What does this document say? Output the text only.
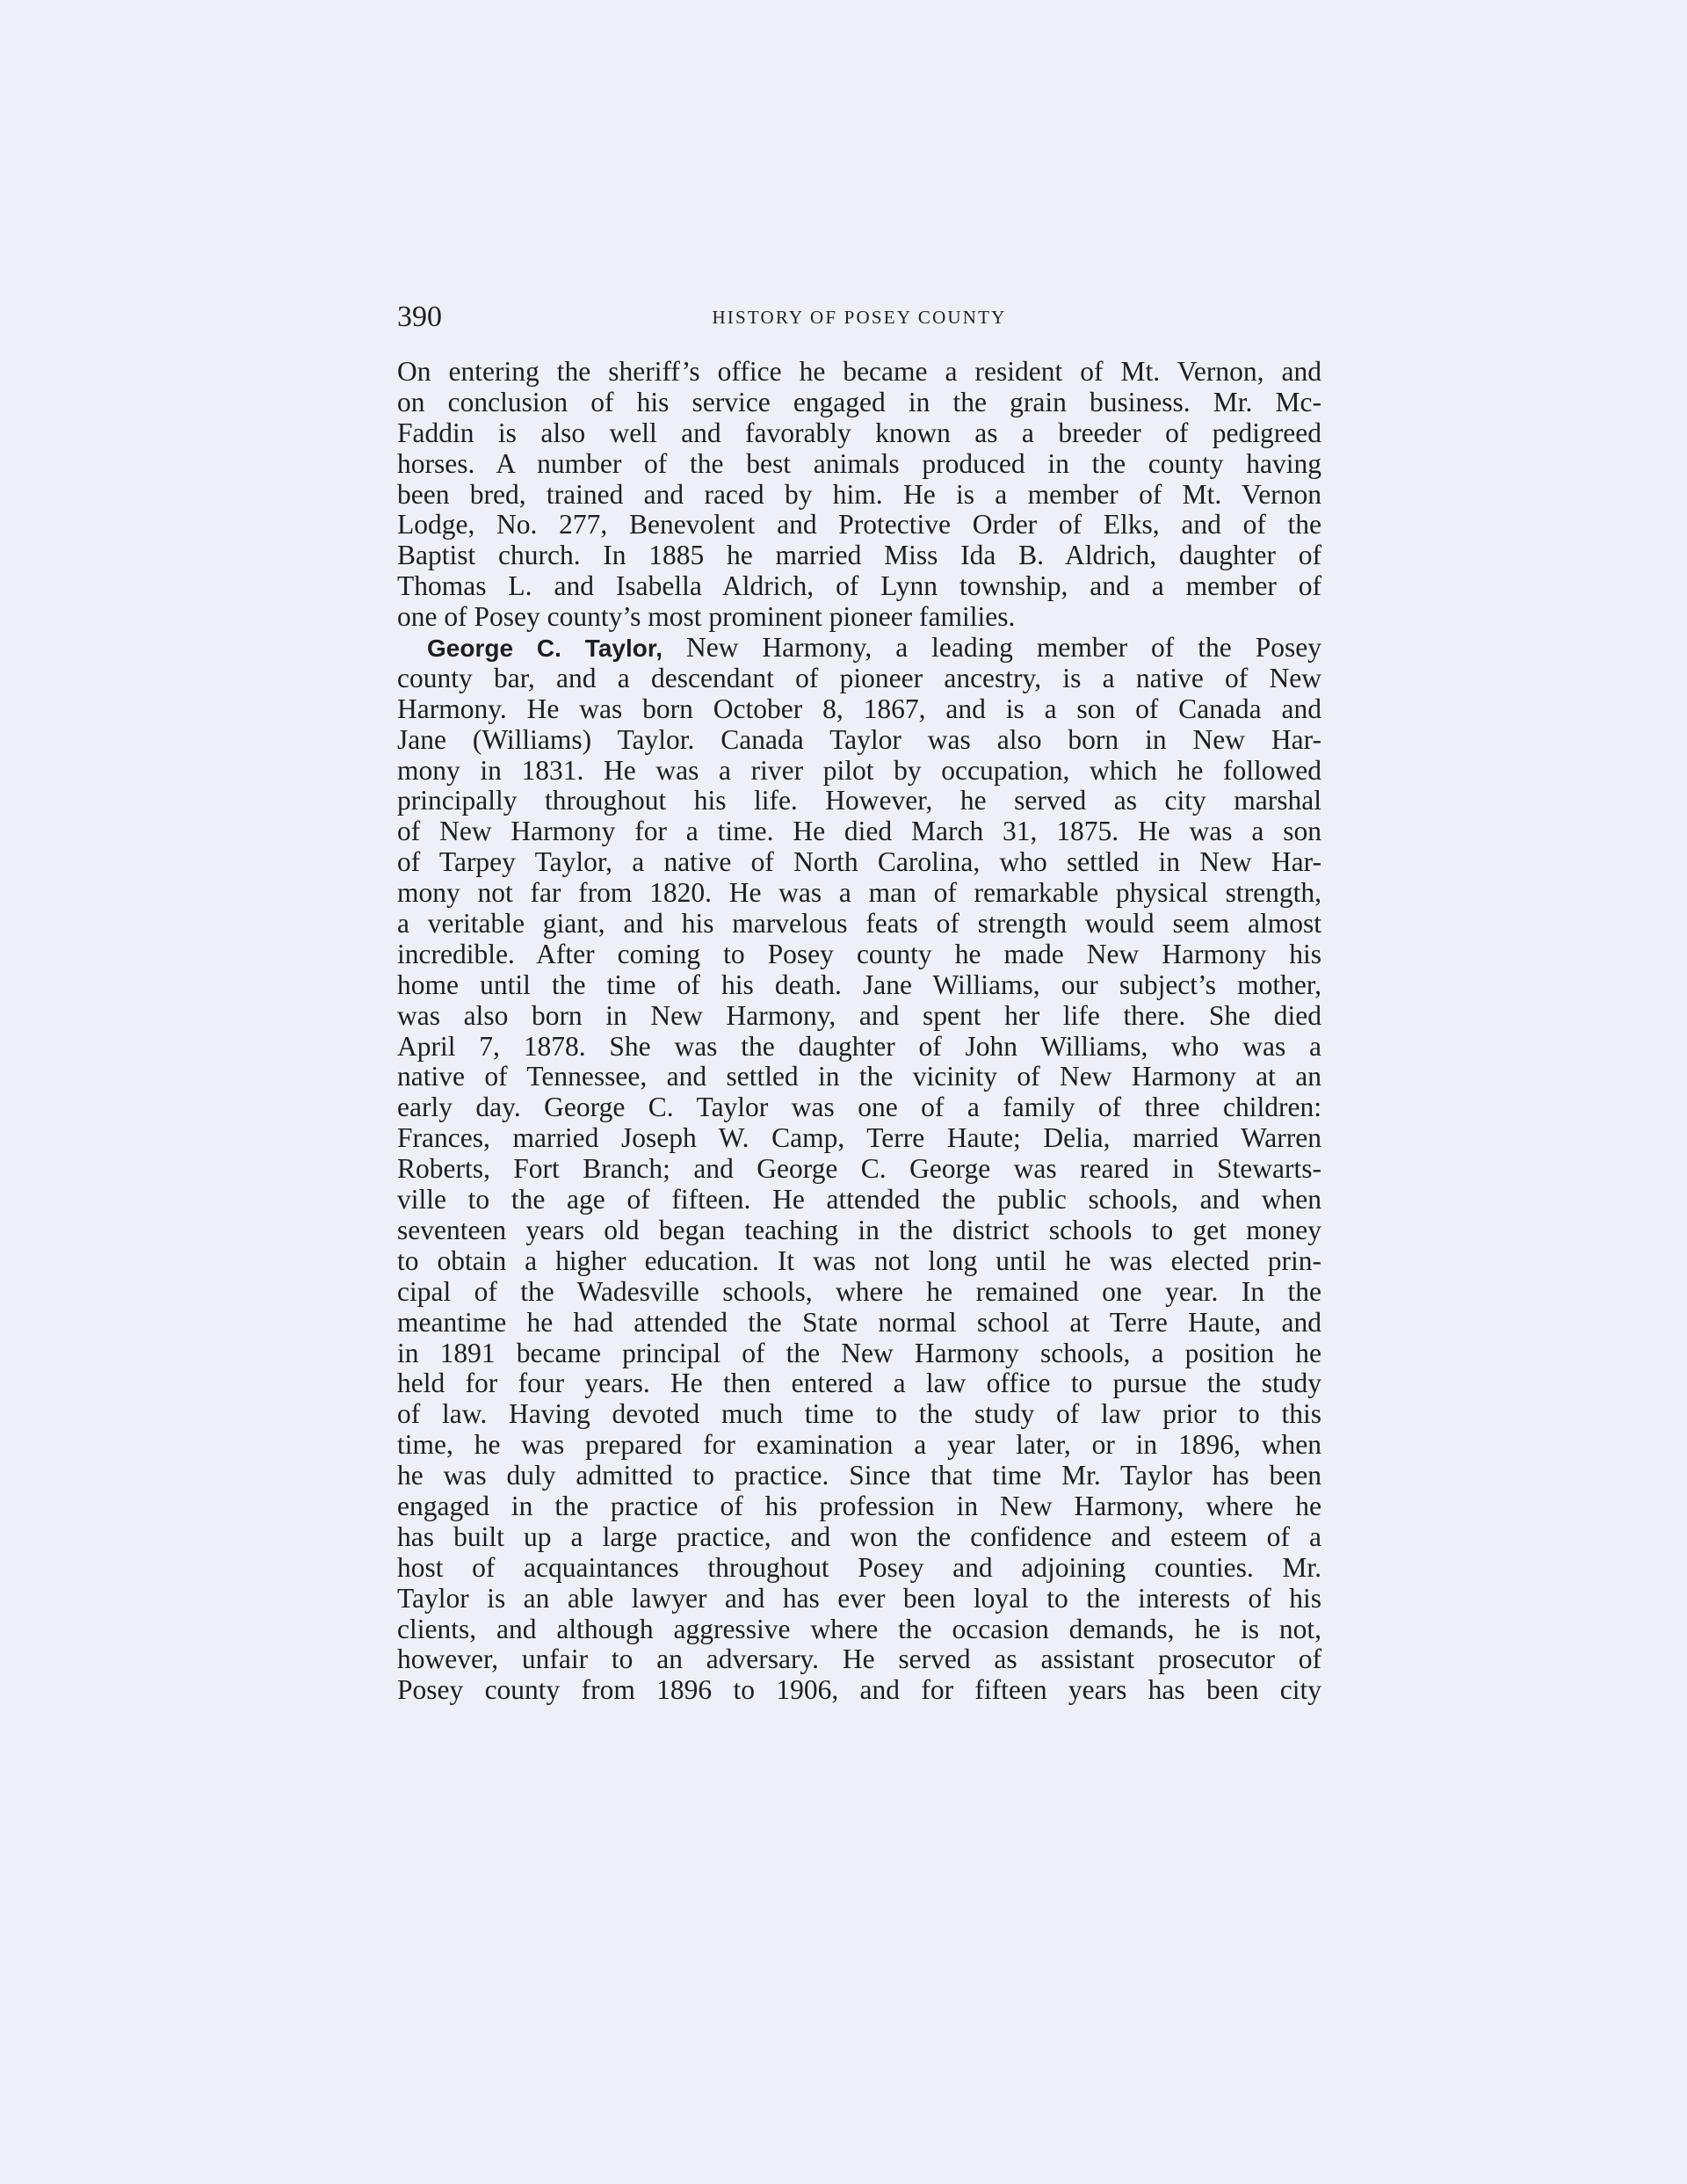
390	HISTORY OF POSEY COUNTY
On entering the sheriff’s office he became a resident of Mt. Vernon, and
on conclusion of his service engaged in the grain business. Mr. Mc-
Faddin is also well and favorably known as a breeder of pedigreed
horses. A number of the best animals produced in the county having
been bred, trained and raced by him. He is a member of Mt. Vernon
Lodge, No. 277, Benevolent and Protective Order of Elks, and of the
Baptist church. In 1885 he married Miss Ida B. Aldrich, daughter of
Thomas L. and Isabella Aldrich, of Lynn township, and a member of
one of Posey county’s most prominent pioneer families.
George C. Taylor, New Harmony, a leading member of the Posey
county bar, and a descendant of pioneer ancestry, is a native of New
Harmony. He was born October 8, 1867, and is a son of Canada and
Jane (Williams) Taylor. Canada Taylor was also born in New Har-
mony in 1831. He was a river pilot by occupation, which he followed
principally throughout his life. However, he served as city marshal
of New Harmony for a time. He died March 31, 1875. He was a son
of Tarpey Taylor, a native of North Carolina, who settled in New Har-
mony not far from 1820. He was a man of remarkable physical strength,
a veritable giant, and his marvelous feats of strength would seem almost
incredible. After coming to Posey county he made New Harmony his
home until the time of his death. Jane Williams, our subject’s mother,
was also born in New Harmony, and spent her life there. She died
April 7, 1878. She was the daughter of John Williams, who was a
native of Tennessee, and settled in the vicinity of New Harmony at an
early day. George C. Taylor was one of a family of three children:
Frances, married Joseph W. Camp, Terre Haute; Delia, married Warren
Roberts, Fort Branch; and George C. George was reared in Stewarts-
ville to the age of fifteen. He attended the public schools, and when
seventeen years old began teaching in the district schools to get money
to obtain a higher education. It was not long until he was elected prin-
cipal of the Wadesville schools, where he remained one year. In the
meantime he had attended the State normal school at Terre Haute, and
in 1891 became principal of the New Harmony schools, a position he
held for four years. He then entered a law office to pursue the study
of law. Having devoted much time to the study of law prior to this
time, he was prepared for examination a year later, or in 1896, when
he was duly admitted to practice. Since that time Mr. Taylor has been
engaged in the practice of his profession in New Harmony, where he
has built up a large practice, and won the confidence and esteem of a
host of acquaintances throughout Posey and adjoining counties. Mr.
Taylor is an able lawyer and has ever been loyal to the interests of his
clients, and although aggressive where the occasion demands, he is not,
however, unfair to an adversary. He served as assistant prosecutor of
Posey county from 1896 to 1906, and for fifteen years has been city
